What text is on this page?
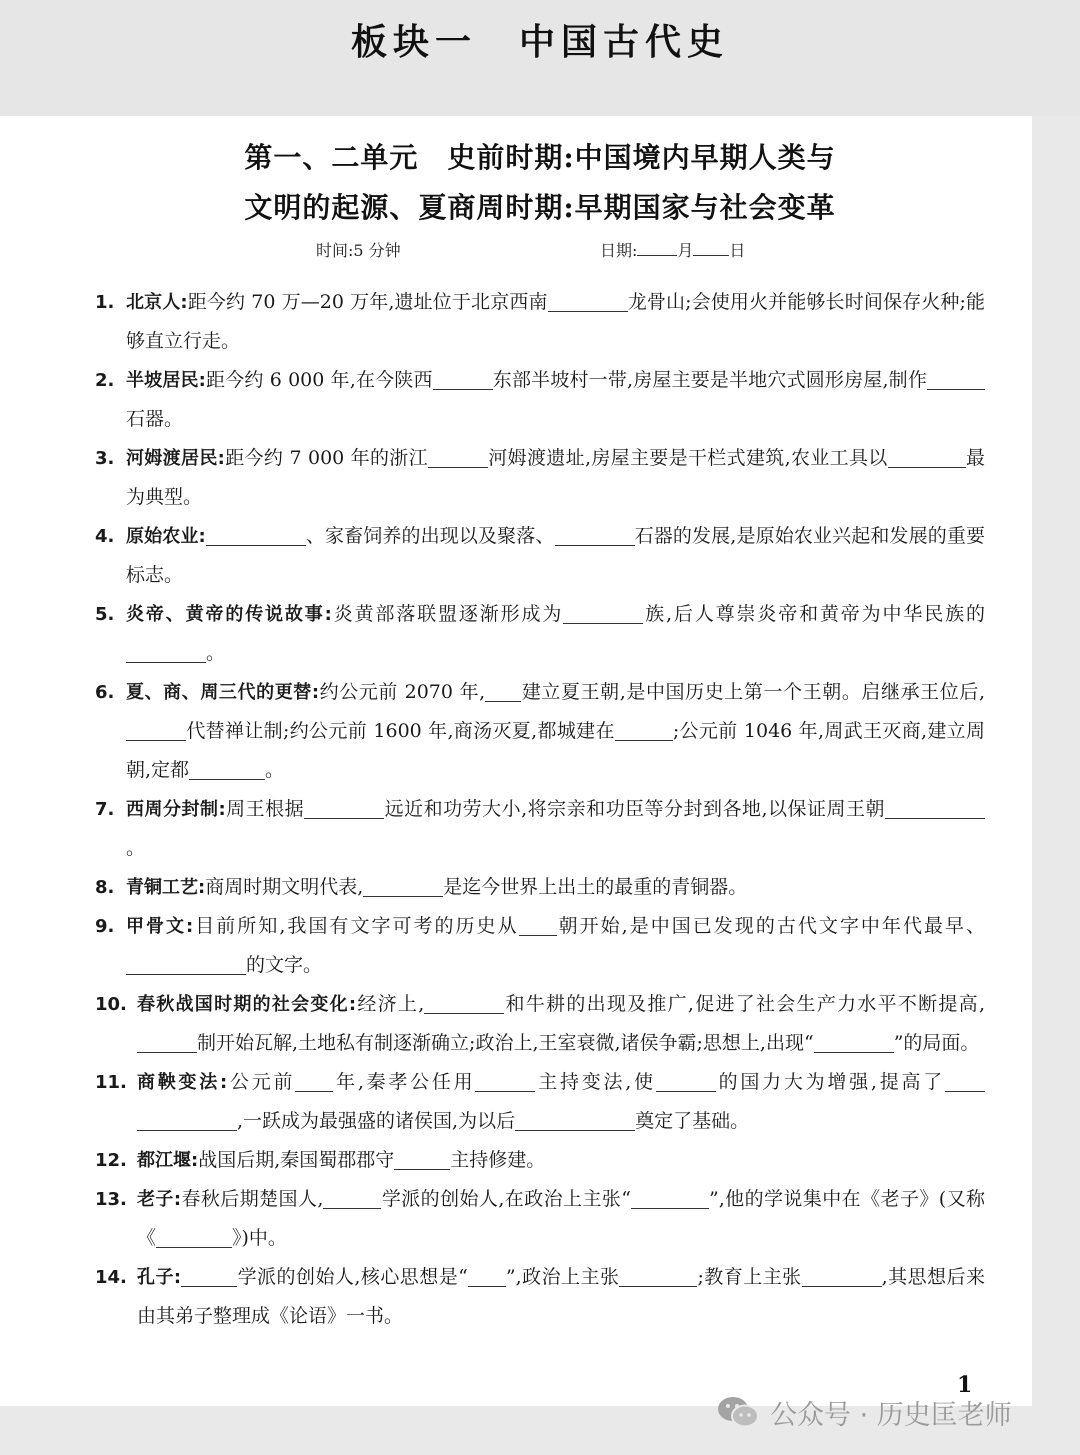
板块一 中国古代史
第一、二单元　史前时期:中国境内早期人类与
文明的起源、夏商周时期:早期国家与社会变革
时间:5 分钟	日期:	月 日
1. 北京人:距今约 70 万—20 万年,遗址位于北京西南	龙骨山;会使用火并能够长时间保存火种;能够直立行走。
2. 半坡居民:距今约 6 000 年,在今陕西	东部半坡村一带,房屋主要是半地穴式圆形房屋,制作石器。
3. 河姆渡居民:距今约 7 000 年的浙江	河姆渡遗址,房屋主要是干栏式建筑,农业工具以	最为典型。
4. 原始农业:	、家畜饲养的出现以及聚落、	石器的发展,是原始农业兴起和发展的重要标志。
5. 炎帝、黄帝的传说故事:炎黄部落联盟逐渐形成为	族,后人尊崇炎帝和黄帝为中华民族的。
6. 夏、商、周三代的更替:约公元前 2070 年, 建立夏王朝,是中国历史上第一个王朝。启继承王位后,代替禅让制;约公元前 1600 年,商汤灭夏,都城建在	;公元前 1046 年,周武王灭商,建立周朝,定都	。
7. 西周分封制:周王根据	远近和功劳大小,将宗亲和功臣等分封到各地,以保证周王朝。
8. 青铜工艺:商周时期文明代表,	是迄今世界上出土的最重的青铜器。
9. 甲骨文:目前所知,我国有文字可考的历史从 朝开始,是中国已发现的古代文字中年代最早、的文字。
10. 春秋战国时期的社会变化:经济上,	和牛耕的出现及推广,促进了社会生产力水平不断提高,制开始瓦解,土地私有制逐渐确立;政治上,王室衰微,诸侯争霸;思想上,出现“	”的局面。
11. 商鞅变法:公元前 年,秦孝公任用	主持变法,使	的国力大为增强,提高了,一跃成为最强盛的诸侯国,为以后	奠定了基础。
12. 都江堰:战国后期,秦国蜀郡郡守	主持修建。
13. 老子:春秋后期楚国人,	学派的创始人,在政治上主张“	”,他的学说集中在《老子》(又称《	》)中。
14. 孔子:	学派的创始人,核心思想是“ ”,政治上主张	;教育上主张	,其思想后来由其弟子整理成《论语》一书。
1
公众号 · 历史匡老师
